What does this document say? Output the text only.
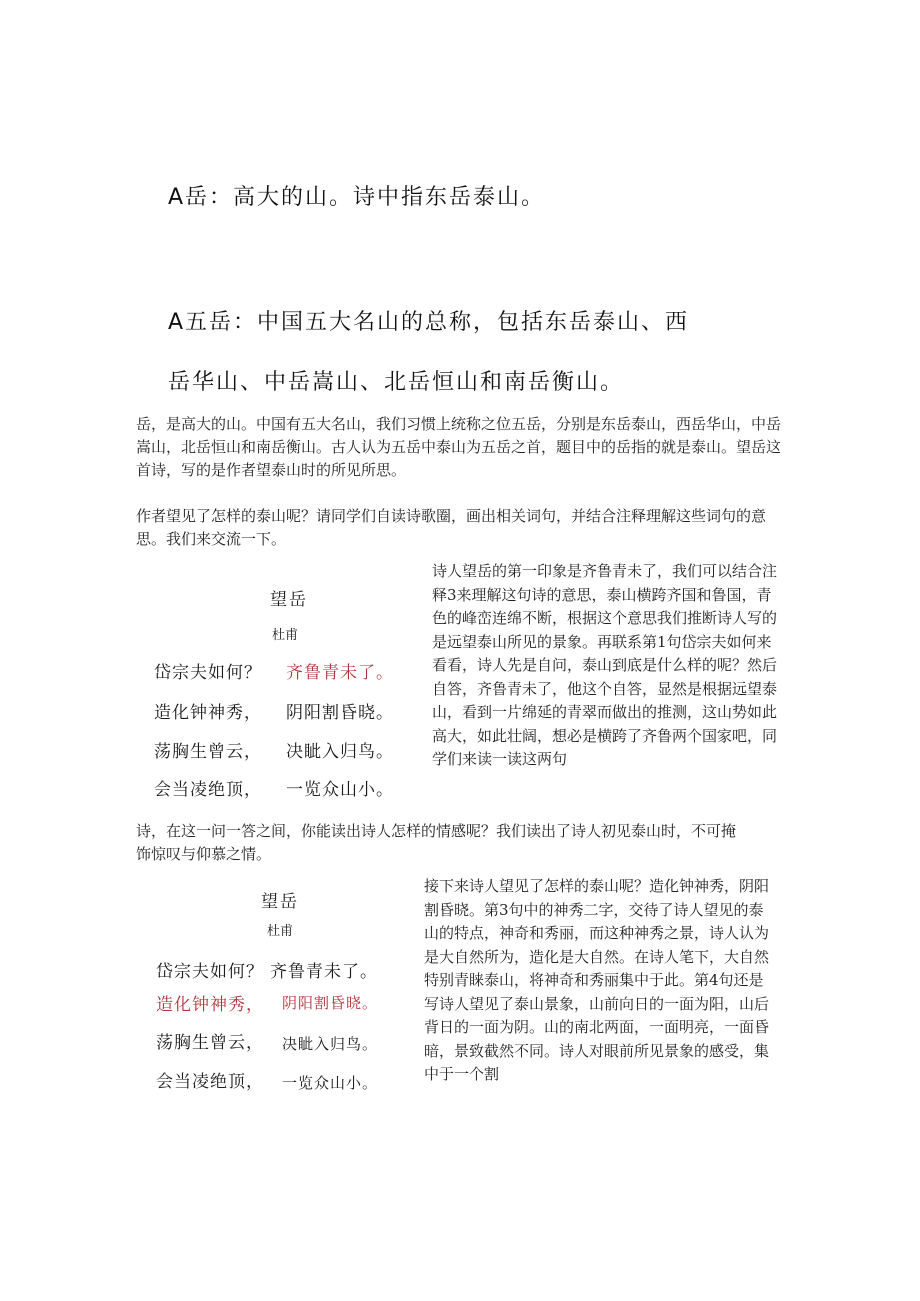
A岳：高大的山。诗中指东岳泰山。
A五岳：中国五大名山的总称，包括东岳泰山、西
岳华山、中岳嵩山、北岳恒山和南岳衡山。
岳，是高大的山。中国有五大名山，我们习惯上统称之位五岳，分别是东岳泰山，西岳华山，中岳嵩山，北岳恒山和南岳衡山。古人认为五岳中泰山为五岳之首，题目中的岳指的就是泰山。望岳这首诗，写的是作者望泰山时的所见所思。
作者望见了怎样的泰山呢？请同学们自读诗歌圈，画出相关词句，并结合注释理解这些词句的意思。我们来交流一下。
望岳
杜甫
岱宗夫如何？ 齐鲁青未了。
造化钟神秀， 阴阳割昏晓。
荡胸生曾云， 决眦入归鸟。
会当凌绝顶， 一览众山小。
诗人望岳的第一印象是齐鲁青未了，我们可以结合注释3来理解这句诗的意思，泰山横跨齐国和鲁国，青色的峰峦连绵不断，根据这个意思我们推断诗人写的是远望泰山所见的景象。再联系第1句岱宗夫如何来看看，诗人先是自问，泰山到底是什么样的呢？然后自答，齐鲁青未了，他这个自答，显然是根据远望泰山，看到一片绵延的青翠而做出的推测，这山势如此高大，如此壮阔，想必是横跨了齐鲁两个国家吧，同学们来读一读这两句
诗，在这一问一答之间，你能读出诗人怎样的情感呢？我们读出了诗人初见泰山时，不可掩饰惊叹与仰慕之情。
望岳
杜甫
岱宗夫如何？ 齐鲁青未了。
造化钟神秀， 阴阳割昏晓。
荡胸生曾云， 决眦入归鸟。
会当凌绝顶， 一览众山小。
接下来诗人望见了怎样的泰山呢？造化钟神秀，阴阳割昏晓。第3句中的神秀二字，交待了诗人望见的泰山的特点，神奇和秀丽，而这种神秀之景，诗人认为是大自然所为，造化是大自然。在诗人笔下，大自然特别青睐泰山，将神奇和秀丽集中于此。第4句还是写诗人望见了泰山景象，山前向日的一面为阳，山后背日的一面为阴。山的南北两面，一面明亮，一面昏暗，景致截然不同。诗人对眼前所见景象的感受，集中于一个割
